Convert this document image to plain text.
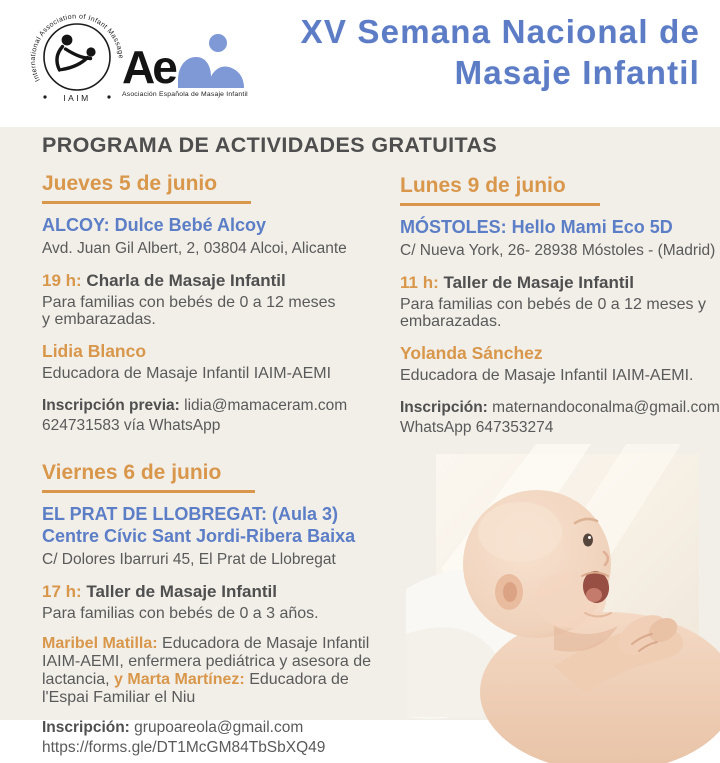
International Association of Infant Massage
IAIM
Ae
Asociación Española de Masaje Infantil
XV Semana Nacional de
Masaje Infantil
PROGRAMA DE ACTIVIDADES GRATUITAS
Jueves 5 de junio
ALCOY: Dulce Bebé Alcoy
Avd. Juan Gil Albert, 2, 03804 Alcoi, Alicante
19 h: Charla de Masaje Infantil
Para familias con bebés de 0 a 12 meses y embarazadas.
Lidia Blanco
Educadora de Masaje Infantil IAIM-AEMI
Inscripción previa: lidia@mamaceram.com
624731583 vía WhatsApp
Viernes 6 de junio
EL PRAT DE LLOBREGAT: (Aula 3)
Centre Cívic Sant Jordi-Ribera Baixa
C/ Dolores Ibarruri 45, El Prat de Llobregat
17 h: Taller de Masaje Infantil
Para familias con bebés de 0 a 3 años.
Maribel Matilla: Educadora de Masaje Infantil IAIM-AEMI, enfermera pediátrica y asesora de lactancia, y Marta Martínez: Educadora de l'Espai Familiar el Niu
Inscripción: grupoareola@gmail.com
https://forms.gle/DT1McGM84TbSbXQ49
Lunes 9 de junio
MÓSTOLES: Hello Mami Eco 5D
C/ Nueva York, 26- 28938 Móstoles - (Madrid)
11 h: Taller de Masaje Infantil
Para familias con bebés de 0 a 12 meses y embarazadas.
Yolanda Sánchez
Educadora de Masaje Infantil IAIM-AEMI.
Inscripción: maternandoconalma@gmail.com
WhatsApp 647353274
